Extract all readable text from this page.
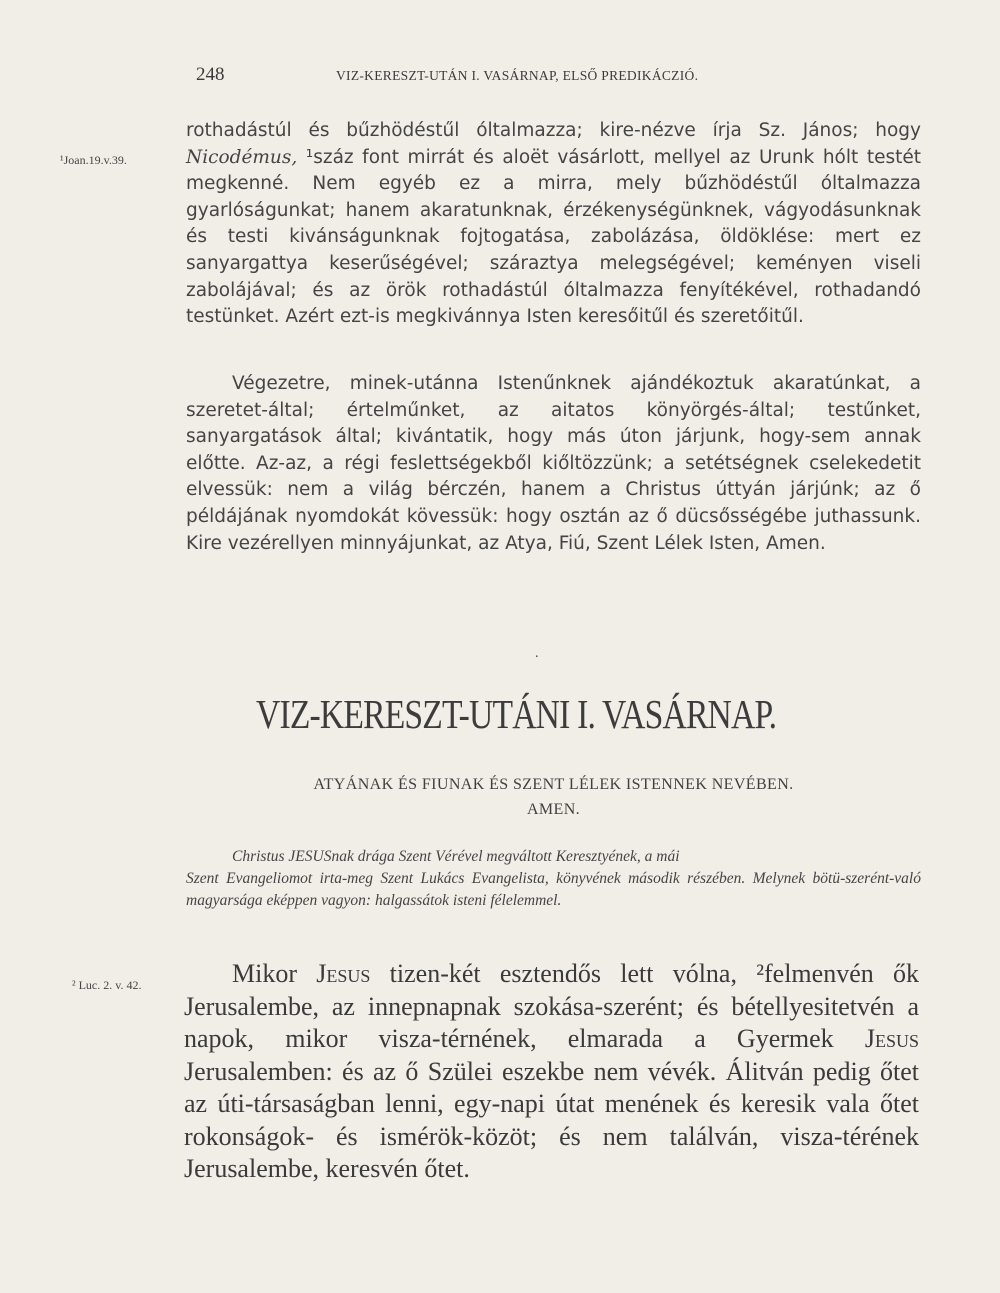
248	VIZ-KERESZT-UTÁN I. VASÁRNAP, ELSŐ PREDIKÁCZIÓ.
¹Joan.19.v.39.

rothadástúl és bűzhödéstűl óltalmazza; kire-nézve írja Sz. János; hogy Nicodémus, ¹száz font mirrát és aloët vásárlott, mellyel az Urunk hólt testét megkenné. Nem egyéb ez a mirra, mely bűzhödéstűl óltalmazza gyarlóságunkat; hanem akaratunknak, érzékenységünknek, vágyodásunknak és testi kivánságunknak fojtogatása, zabolázása, öldöklése: mert ez sanyargattya keserűségével; száraztya melegségével; keményen viseli zabolájával; és az örök rothadástúl óltalmazza fenyítékével, rothadandó testünket. Azért ezt-is megkivánnya Isten keresőitűl és szeretőitűl.

Végezetre, minek-utánna Istenűnknek ajándékoztuk akaratúnkat, a szeretet-által; értelműnket, az aitatos könyörgés-által; testűnket, sanyargatások által; kivántatik, hogy más úton járjunk, hogy-sem annak előtte. Az-az, a régi feslettségekből kiőltözzünk; a setétségnek cselekedetit elvessük: nem a világ bérczén, hanem a Christus úttyán járjúnk; az ő példájának nyomdokát kövessük: hogy osztán az ő dücsősségébe juthassunk. Kire vezérellyen minnyájunkat, az Atya, Fiú, Szent Lélek Isten, Amen.

.
VIZ-KERESZT-UTÁNI I. VASÁRNAP.
ATYÁNAK ÉS FIUNAK ÉS SZENT LÉLEK ISTENNEK NEVÉBEN.
AMEN.

Christus JESUSnak drága Szent Vérével megváltott Keresztyének, a mái
Szent Evangeliomot irta-meg Szent Lukács Evangelista, könyvének második részében. Melynek bötü-szerént-való magyarsága eképpen vagyon: halgassátok isteni félelemmel.

² Luc. 2. v. 42.	Mikor Jesus tizen-két esztendős lett vólna, ²felmenvén ők Jerusalembe, az innepnapnak szokása-szerént; és bétellyesitetvén a napok, mikor visza-térnének, elmarada a Gyermek Jesus Jerusalemben: és az ő Szülei eszekbe nem vévék. Álitván pedig őtet az úti-társaságban lenni, egy-napi útat menének és keresik vala őtet rokonságok- és ismérök-közöt; és nem találván, visza-térének Jerusalembe, keresvén őtet.
